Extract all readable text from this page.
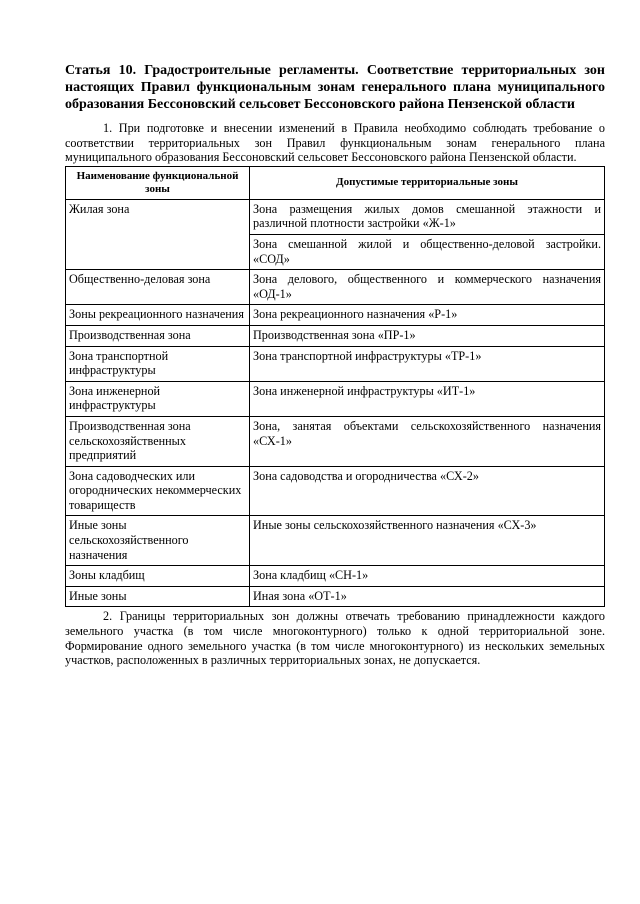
Статья 10. Градостроительные регламенты. Соответствие территориальных зон настоящих Правил функциональным зонам генерального плана муниципального образования Бессоновский сельсовет Бессоновского района Пензенской области

1. При подготовке и внесении изменений в Правила необходимо соблюдать требование о соответствии территориальных зон Правил функциональным зонам генерального плана муниципального образования Бессоновский сельсовет Бессоновского района Пензенской области.

Наименование функциональной зоны	Допустимые территориальные зоны
Жилая зона	Зона размещения жилых домов смешанной этажности и различной плотности застройки «Ж-1»
	Зона смешанной жилой и общественно-деловой застройки. «СОД»
Общественно-деловая зона	Зона делового, общественного и коммерческого назначения «ОД-1»
Зоны рекреационного назначения	Зона рекреационного назначения «Р-1»
Производственная зона	Производственная зона «ПР-1»
Зона транспортной инфраструктуры	Зона транспортной инфраструктуры «ТР-1»
Зона инженерной инфраструктуры	Зона инженерной инфраструктуры «ИТ-1»
Производственная зона сельскохозяйственных предприятий	Зона, занятая объектами сельскохозяйственного назначения «СХ-1»
Зона садоводческих или огороднических некоммерческих товариществ	Зона садоводства и огородничества «СХ-2»
Иные зоны сельскохозяйственного назначения	Иные зоны сельскохозяйственного назначения «СХ-3»
Зоны кладбищ	Зона кладбищ «СН-1»
Иные зоны	Иная зона «ОТ-1»

2. Границы территориальных зон должны отвечать требованию принадлежности каждого земельного участка (в том числе многоконтурного) только к одной территориальной зоне. Формирование одного земельного участка (в том числе многоконтурного) из нескольких земельных участков, расположенных в различных территориальных зонах, не допускается.
